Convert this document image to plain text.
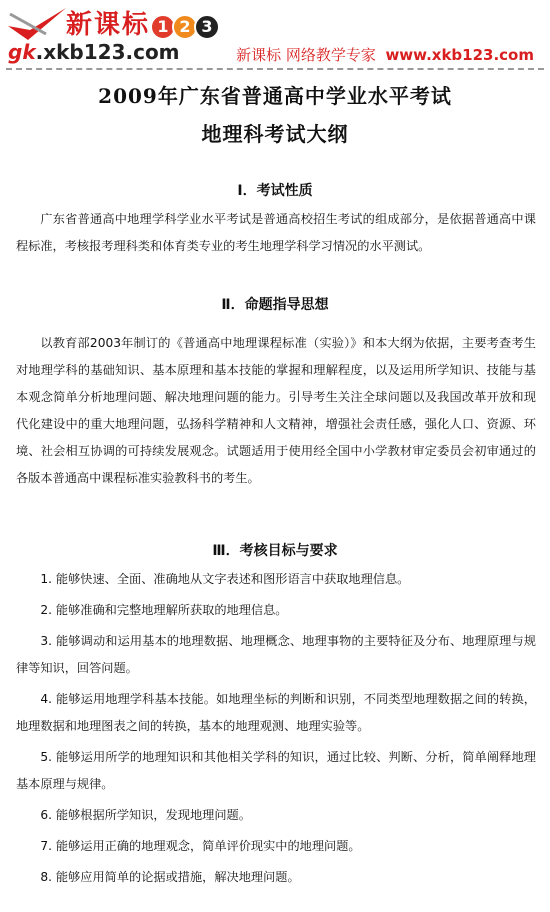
新课标 1 2 3
gk.xkb123.com	新课标 网络教学专家 www.xkb123.com
2009年广东省普通高中学业水平考试
地理科考试大纲
Ⅰ．考试性质
广东省普通高中地理学科学业水平考试是普通高校招生考试的组成部分，是依据普通高中课程标准，考核报考理科类和体育类专业的考生地理学科学习情况的水平测试。
Ⅱ．命题指导思想
以教育部2003年制订的《普通高中地理课程标准（实验）》和本大纲为依据，主要考查考生对地理学科的基础知识、基本原理和基本技能的掌握和理解程度，以及运用所学知识、技能与基本观念简单分析地理问题、解决地理问题的能力。引导考生关注全球问题以及我国改革开放和现代化建设中的重大地理问题，弘扬科学精神和人文精神，增强社会责任感，强化人口、资源、环境、社会相互协调的可持续发展观念。试题适用于使用经全国中小学教材审定委员会初审通过的各版本普通高中课程标准实验教科书的考生。
Ⅲ．考核目标与要求
1. 能够快速、全面、准确地从文字表述和图形语言中获取地理信息。
2. 能够准确和完整地理解所获取的地理信息。
3. 能够调动和运用基本的地理数据、地理概念、地理事物的主要特征及分布、地理原理与规律等知识，回答问题。
4. 能够运用地理学科基本技能。如地理坐标的判断和识别，不同类型地理数据之间的转换，地理数据和地理图表之间的转换，基本的地理观测、地理实验等。
5. 能够运用所学的地理知识和其他相关学科的知识，通过比较、判断、分析，简单阐释地理基本原理与规律。
6. 能够根据所学知识，发现地理问题。
7. 能够运用正确的地理观念，简单评价现实中的地理问题。
8. 能够应用简单的论据或措施，解决地理问题。
